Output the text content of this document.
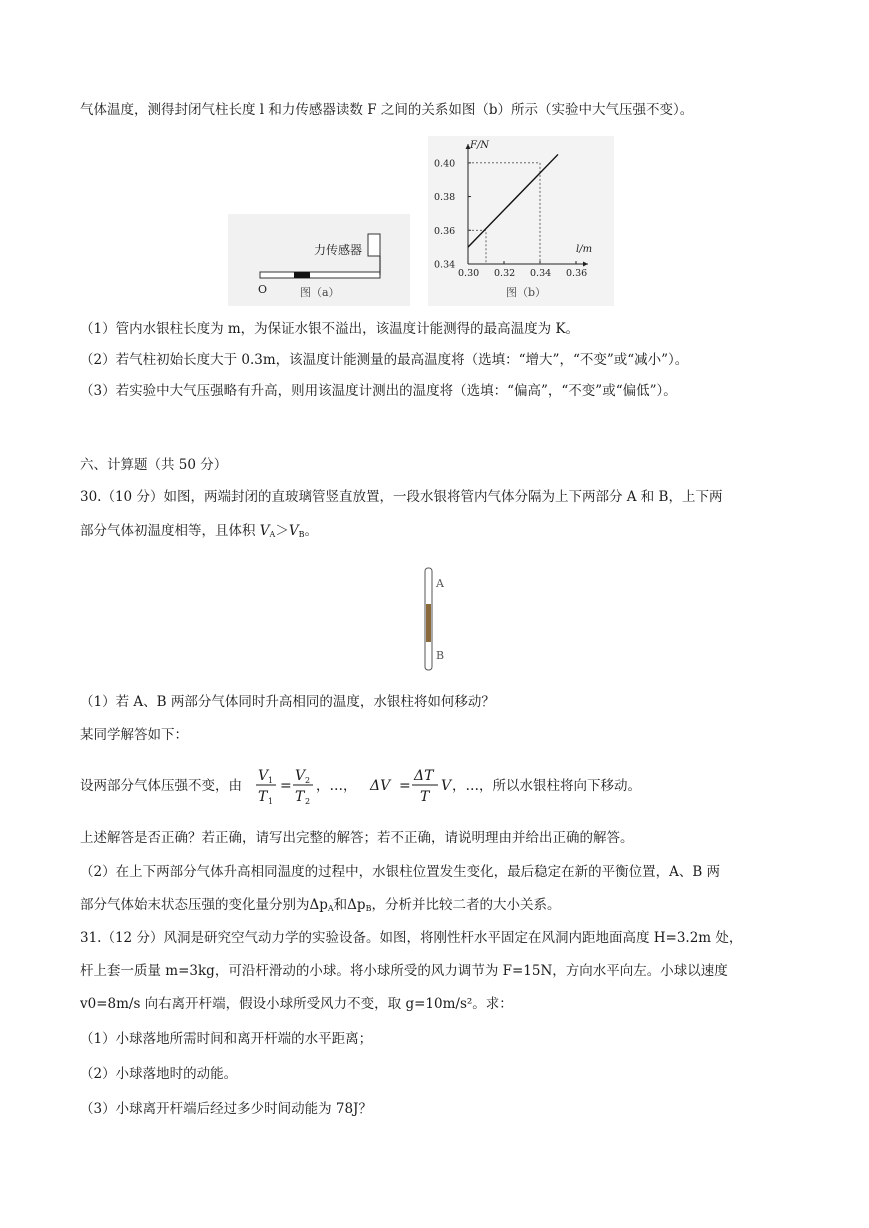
气体温度，测得封闭气柱长度 l 和力传感器读数 F 之间的关系如图（b）所示（实验中大气压强不变）。
力传感器
O	图（a）
0.30 0.32 0.34 0.36
0.40
0.38
0.36
0.34
F/N
l/m
图（b）
（1）管内水银柱长度为 m，为保证水银不溢出，该温度计能测得的最高温度为 K。
（2）若气柱初始长度大于 0.3m，该温度计能测量的最高温度将（选填：“增大”，“不变”或“减小”）。
（3）若实验中大气压强略有升高，则用该温度计测出的温度将（选填：“偏高”，“不变”或“偏低”）。
六、计算题（共 50 分）
30.（10 分）如图，两端封闭的直玻璃管竖直放置，一段水银将管内气体分隔为上下两部分 A 和 B，上下两
部分气体初温度相等，且体积 $V_A>V_B$。
A
B
（1）若 A、B 两部分气体同时升高相同的温度，水银柱将如何移动？
某同学解答如下：
设两部分气体压强不变，由
V 1
T 1
=
V 2
T 2
，…， ΔV =
ΔT
T
V ，…，所以水银柱将向下移动。
上述解答是否正确？若正确，请写出完整的解答；若不正确，请说明理由并给出正确的解答。
（2）在上下两部分气体升高相同温度的过程中，水银柱位置发生变化，最后稳定在新的平衡位置，A、B 两
部分气体始末状态压强的变化量分别为$\Delta p_A$和$\Delta p_B$，分析并比较二者的大小关系。
31.（12 分）风洞是研究空气动力学的实验设备。如图，将刚性杆水平固定在风洞内距地面高度 H=3.2m 处，
杆上套一质量 m=3kg，可沿杆滑动的小球。将小球所受的风力调节为 F=15N，方向水平向左。小球以速度
v0=8m/s 向右离开杆端，假设小球所受风力不变，取 g=10m/s²。求：
（1）小球落地所需时间和离开杆端的水平距离；
（2）小球落地时的动能。
（3）小球离开杆端后经过多少时间动能为 78J？
